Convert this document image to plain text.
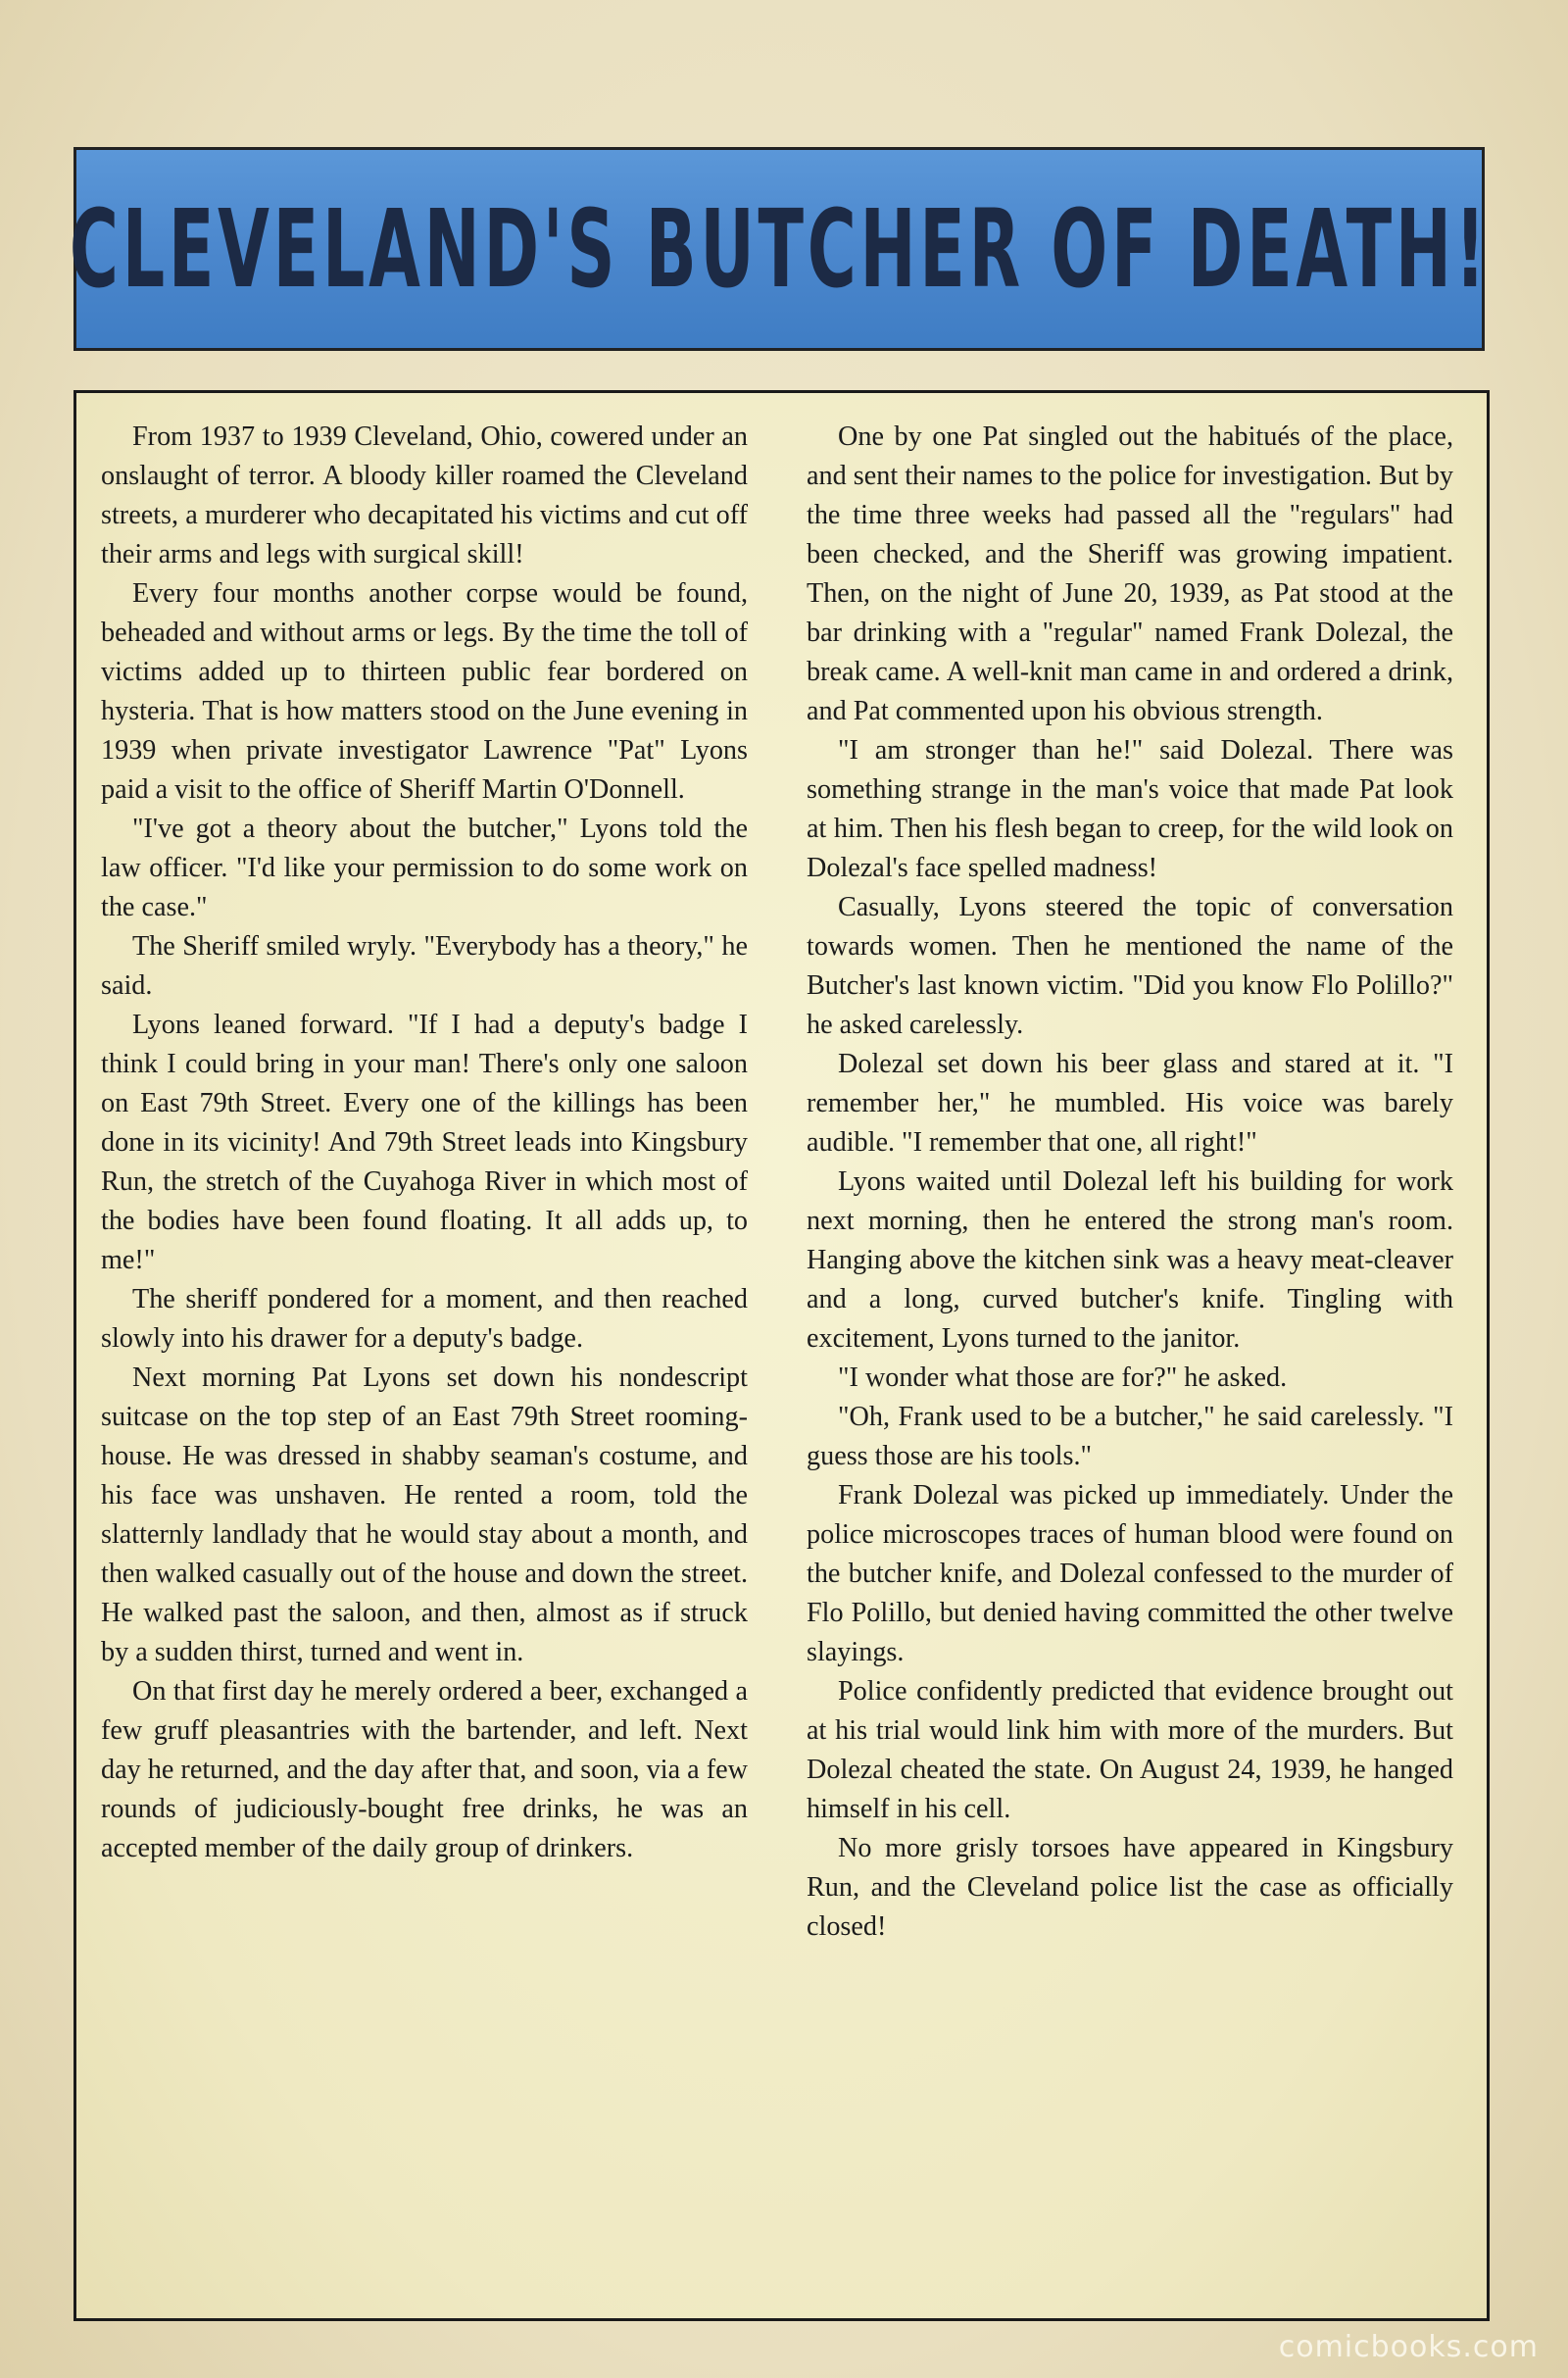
CLEVELAND'S BUTCHER OF DEATH!

From 1937 to 1939 Cleveland, Ohio, cowered under an onslaught of terror. A bloody killer roamed the Cleveland streets, a murderer who decapitated his victims and cut off their arms and legs with surgical skill!

Every four months another corpse would be found, beheaded and without arms or legs. By the time the toll of victims added up to thirteen public fear bordered on hysteria. That is how matters stood on the June evening in 1939 when private investigator Lawrence "Pat" Lyons paid a visit to the office of Sheriff Martin O'Donnell.

"I've got a theory about the butcher," Lyons told the law officer. "I'd like your permission to do some work on the case."

The Sheriff smiled wryly. "Everybody has a theory," he said.

Lyons leaned forward. "If I had a deputy's badge I think I could bring in your man! There's only one saloon on East 79th Street. Every one of the killings has been done in its vicinity! And 79th Street leads into Kingsbury Run, the stretch of the Cuyahoga River in which most of the bodies have been found floating. It all adds up, to me!"

The sheriff pondered for a moment, and then reached slowly into his drawer for a deputy's badge.

Next morning Pat Lyons set down his nondescript suitcase on the top step of an East 79th Street rooming-house. He was dressed in shabby seaman's costume, and his face was unshaven. He rented a room, told the slatternly landlady that he would stay about a month, and then walked casually out of the house and down the street. He walked past the saloon, and then, almost as if struck by a sudden thirst, turned and went in.

On that first day he merely ordered a beer, exchanged a few gruff pleasantries with the bartender, and left. Next day he returned, and the day after that, and soon, via a few rounds of judiciously-bought free drinks, he was an accepted member of the daily group of drinkers.

One by one Pat singled out the habitués of the place, and sent their names to the police for investigation. But by the time three weeks had passed all the "regulars" had been checked, and the Sheriff was growing impatient. Then, on the night of June 20, 1939, as Pat stood at the bar drinking with a "regular" named Frank Dolezal, the break came. A well-knit man came in and ordered a drink, and Pat commented upon his obvious strength.

"I am stronger than he!" said Dolezal. There was something strange in the man's voice that made Pat look at him. Then his flesh began to creep, for the wild look on Dolezal's face spelled madness!

Casually, Lyons steered the topic of conversation towards women. Then he mentioned the name of the Butcher's last known victim. "Did you know Flo Polillo?" he asked carelessly.

Dolezal set down his beer glass and stared at it. "I remember her," he mumbled. His voice was barely audible. "I remember that one, all right!"

Lyons waited until Dolezal left his building for work next morning, then he entered the strong man's room. Hanging above the kitchen sink was a heavy meat-cleaver and a long, curved butcher's knife. Tingling with excitement, Lyons turned to the janitor.

"I wonder what those are for?" he asked.

"Oh, Frank used to be a butcher," he said carelessly. "I guess those are his tools."

Frank Dolezal was picked up immediately. Under the police microscopes traces of human blood were found on the butcher knife, and Dolezal confessed to the murder of Flo Polillo, but denied having committed the other twelve slayings.

Police confidently predicted that evidence brought out at his trial would link him with more of the murders. But Dolezal cheated the state. On August 24, 1939, he hanged himself in his cell.

No more grisly torsoes have appeared in Kingsbury Run, and the Cleveland police list the case as officially closed!

comicbooks.com
